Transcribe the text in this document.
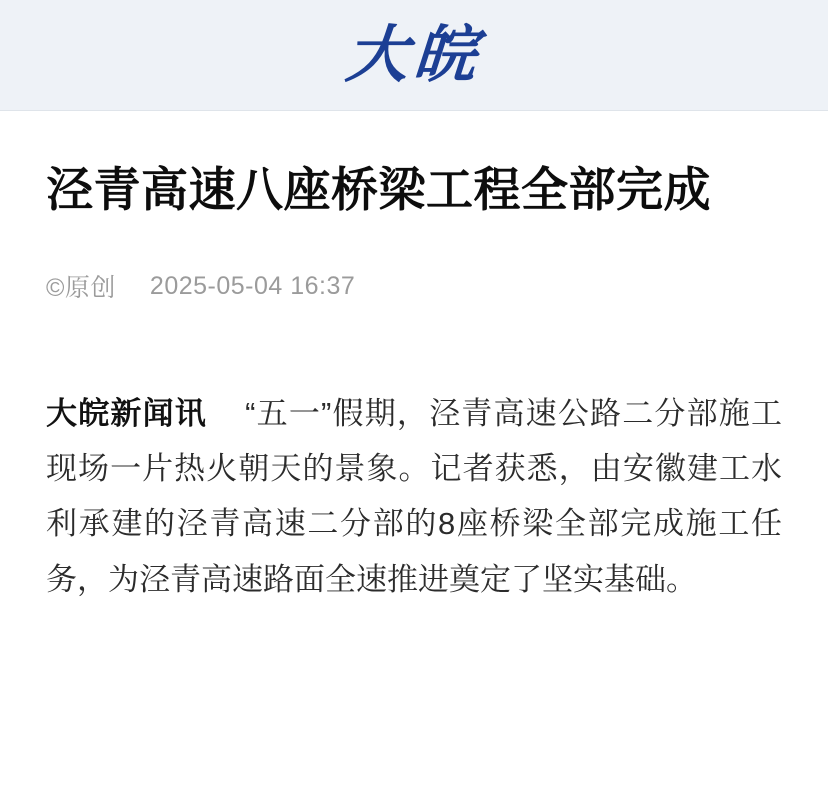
大皖
泾青高速八座桥梁工程全部完成
©原创 2025-05-04 16:37

大皖新闻讯　“五一”假期，泾青高速公路二分部施工现场一片热火朝天的景象。记者获悉，由安徽建工水利承建的泾青高速二分部的8座桥梁全部完成施工任务，为泾青高速路面全速推进奠定了坚实基础。
